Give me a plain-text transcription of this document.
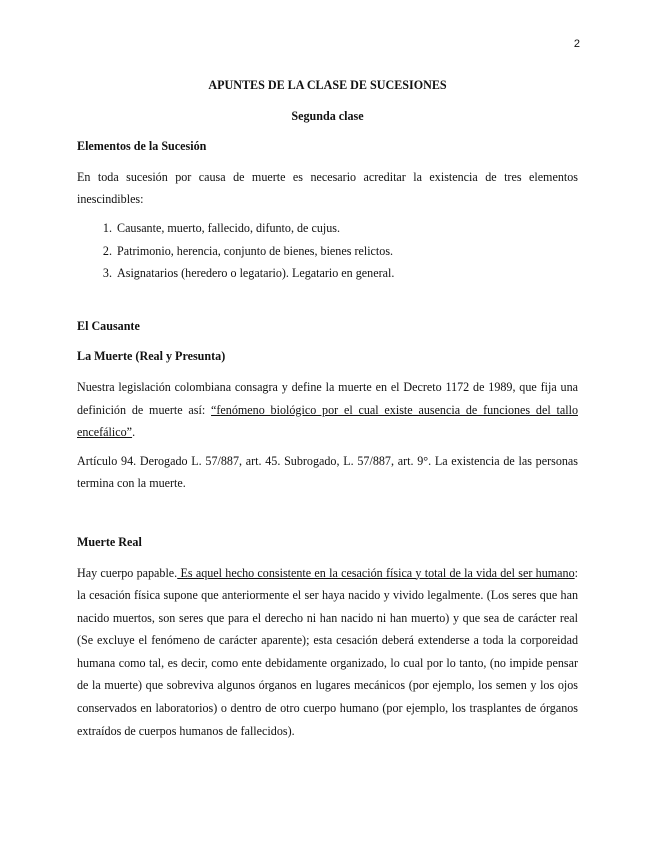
2
APUNTES DE LA CLASE DE SUCESIONES
Segunda clase
Elementos de la Sucesión
En toda sucesión por causa de muerte es necesario acreditar la existencia de tres elementos inescindibles:
1. Causante, muerto, fallecido, difunto, de cujus.
2. Patrimonio, herencia, conjunto de bienes, bienes relictos.
3. Asignatarios (heredero o legatario). Legatario en general.
El Causante
La Muerte (Real y Presunta)
Nuestra legislación colombiana consagra y define la muerte en el Decreto 1172 de 1989, que fija una definición de muerte así: “fenómeno biológico por el cual existe ausencia de funciones del tallo encefálico”.
Artículo 94. Derogado L. 57/887, art. 45. Subrogado, L. 57/887, art. 9°. La existencia de las personas termina con la muerte.
Muerte Real
Hay cuerpo papable. Es aquel hecho consistente en la cesación física y total de la vida del ser humano: la cesación física supone que anteriormente el ser haya nacido y vivido legalmente. (Los seres que han nacido muertos, son seres que para el derecho ni han nacido ni han muerto) y que sea de carácter real (Se excluye el fenómeno de carácter aparente); esta cesación deberá extenderse a toda la corporeidad humana como tal, es decir, como ente debidamente organizado, lo cual por lo tanto, (no impide pensar de la muerte) que sobreviva algunos órganos en lugares mecánicos (por ejemplo, los semen y los ojos conservados en laboratorios) o dentro de otro cuerpo humano (por ejemplo, los trasplantes de órganos extraídos de cuerpos humanos de fallecidos).
